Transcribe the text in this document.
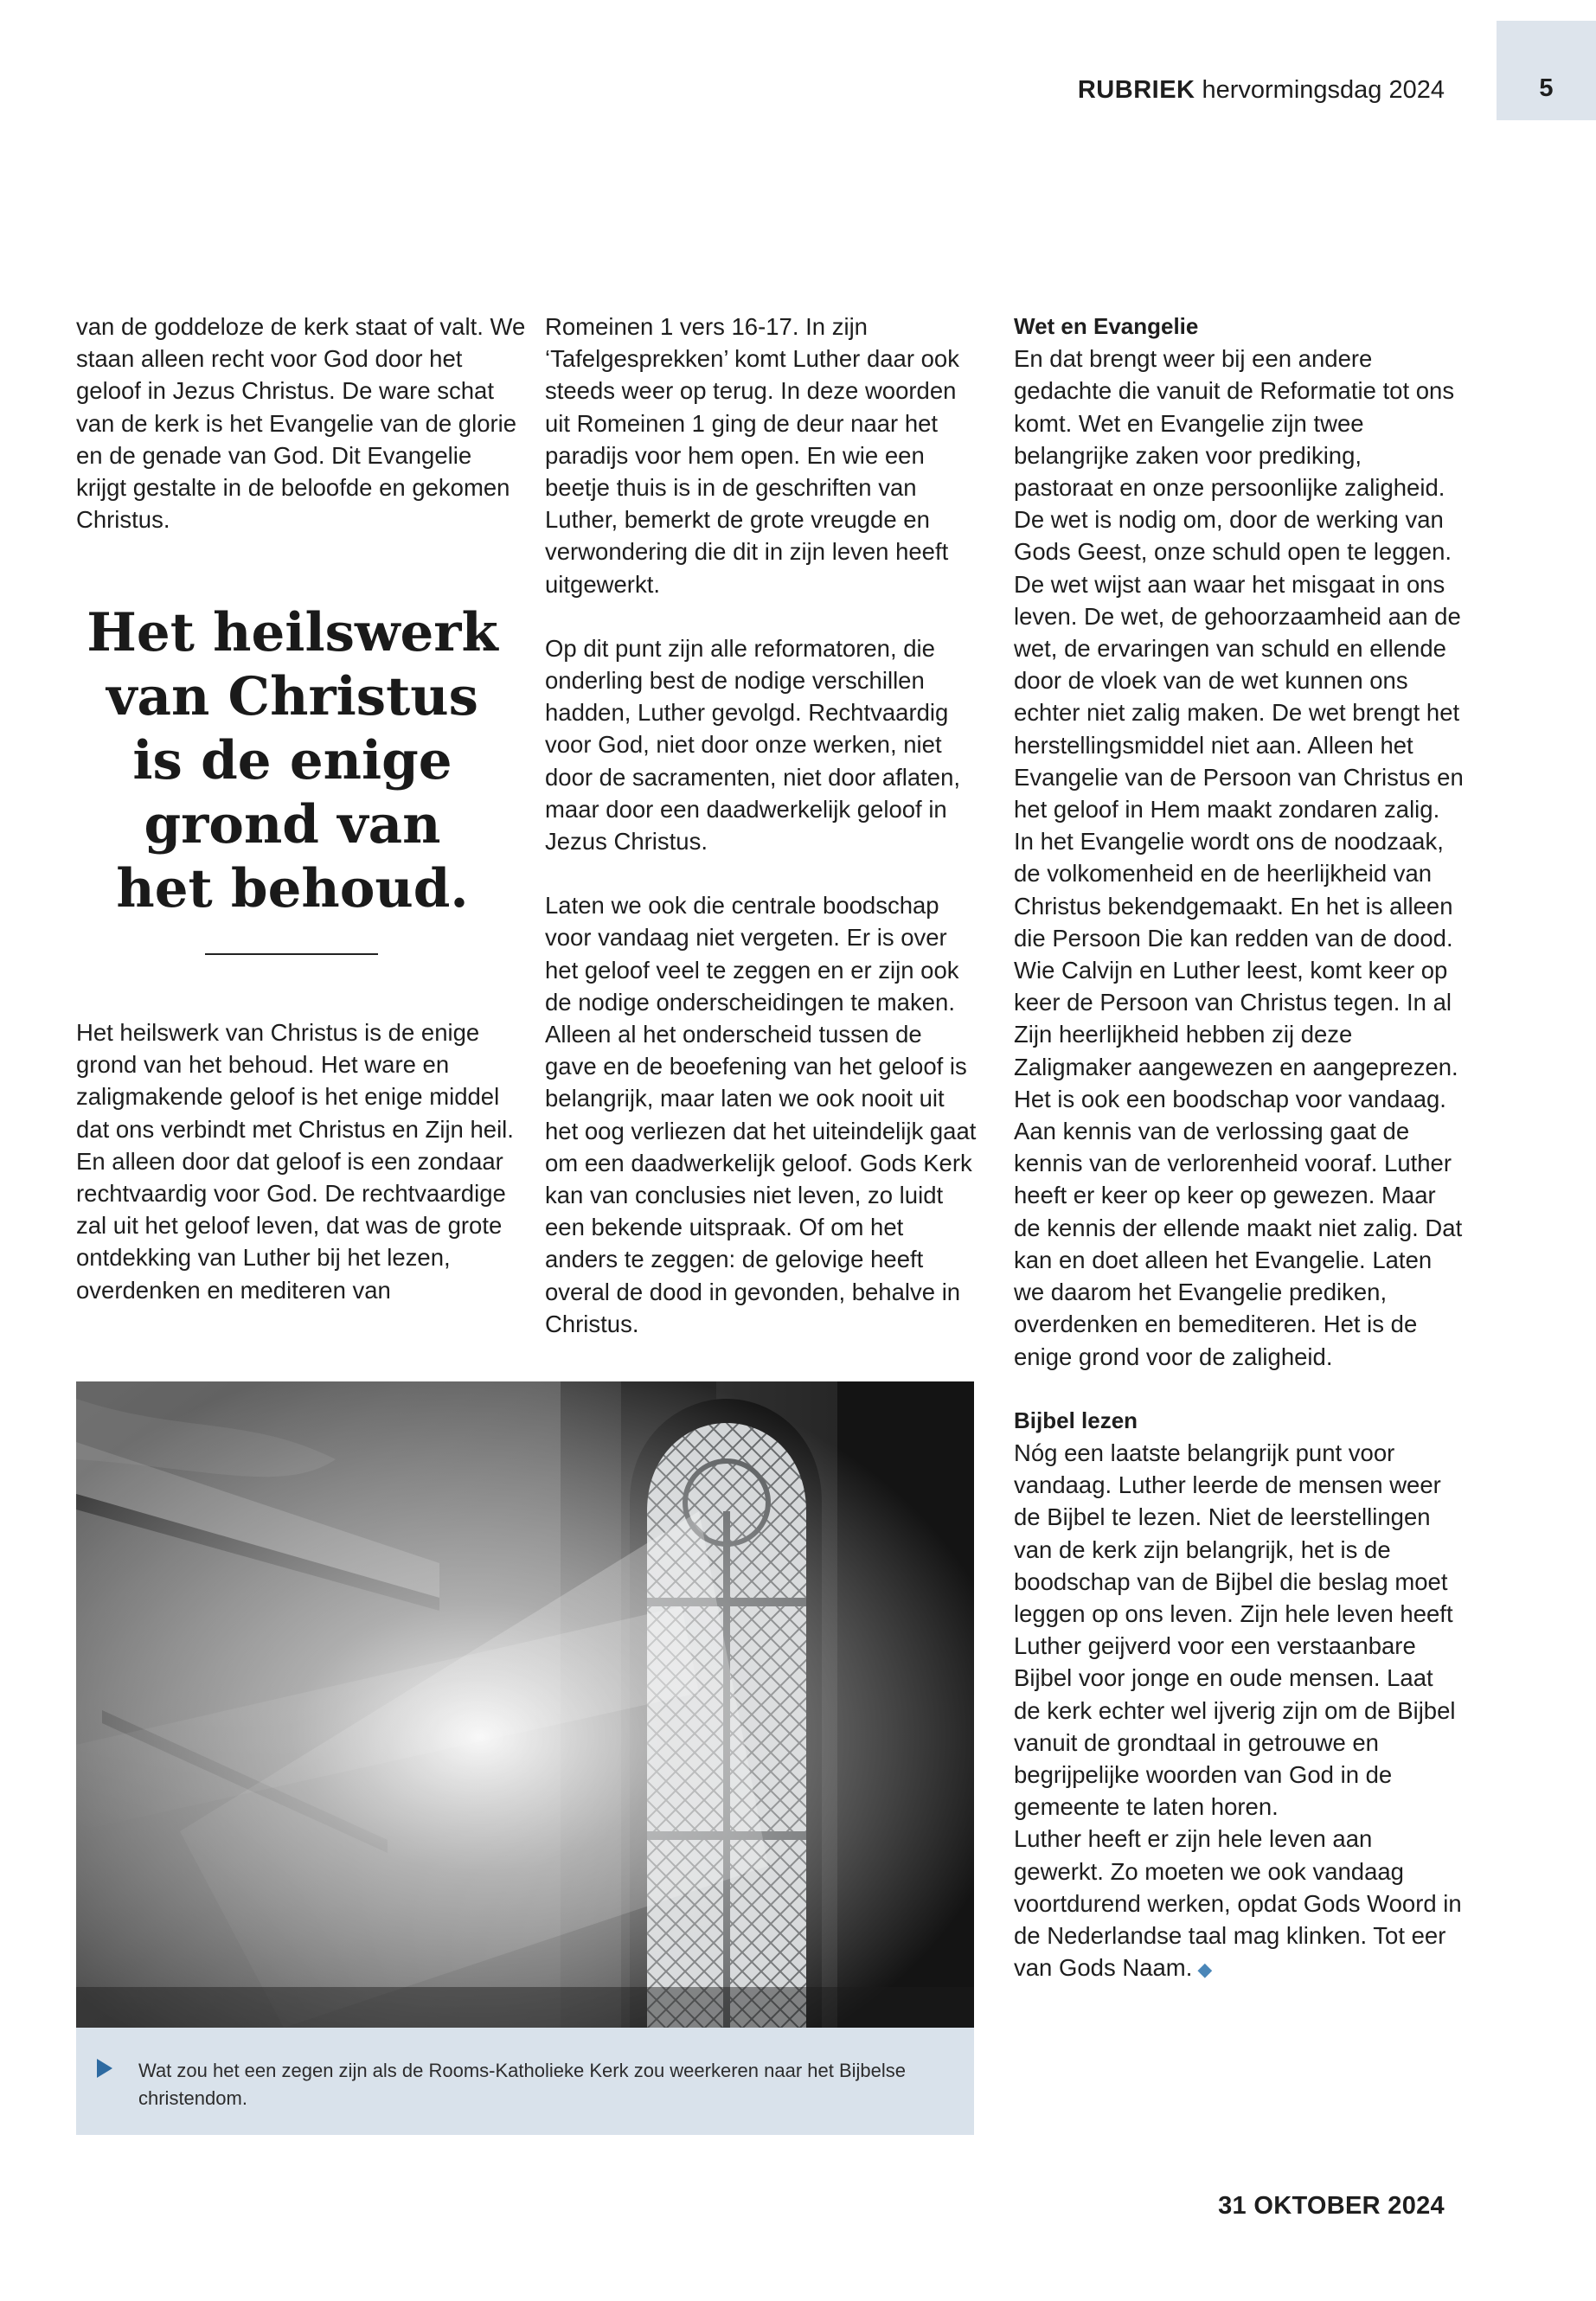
RUBRIEK hervormingsdag 2024	5

van de goddeloze de kerk staat of valt. We staan alleen recht voor God door het geloof in Jezus Christus. De ware schat van de kerk is het Evangelie van de glorie en de genade van God. Dit Evangelie krijgt gestalte in de beloofde en gekomen Christus.

Het heilswerk van Christus is de enige grond van het behoud. Het ware en zaligmakende geloof is het enige middel dat ons verbindt met Christus en Zijn heil. En alleen door dat geloof is een zondaar rechtvaardig voor God. De rechtvaardige zal uit het geloof leven, dat was de grote ontdekking van Luther bij het lezen, overdenken en mediteren van

Het heilswerk
van Christus
is de enige
grond van
het behoud.

Romeinen 1 vers 16-17. In zijn ‘Tafelgesprekken’ komt Luther daar ook steeds weer op terug. In deze woorden uit Romeinen 1 ging de deur naar het paradijs voor hem open. En wie een beetje thuis is in de geschriften van Luther, bemerkt de grote vreugde en verwondering die dit in zijn leven heeft uitgewerkt.

Op dit punt zijn alle reformatoren, die onderling best de nodige verschillen hadden, Luther gevolgd. Rechtvaardig voor God, niet door onze werken, niet door de sacramenten, niet door aflaten, maar door een daadwerkelijk geloof in Jezus Christus.

Laten we ook die centrale boodschap voor vandaag niet vergeten. Er is over het geloof veel te zeggen en er zijn ook de nodige onderscheidingen te maken. Alleen al het onderscheid tussen de gave en de beoefening van het geloof is belangrijk, maar laten we ook nooit uit het oog verliezen dat het uiteindelijk gaat om een daadwerkelijk geloof. Gods Kerk kan van conclusies niet leven, zo luidt een bekende uitspraak. Of om het anders te zeggen: de gelovige heeft overal de dood in gevonden, behalve in Christus.

Wet en Evangelie

En dat brengt weer bij een andere gedachte die vanuit de Reformatie tot ons komt. Wet en Evangelie zijn twee belangrijke zaken voor prediking, pastoraat en onze persoonlijke zaligheid. De wet is nodig om, door de werking van Gods Geest, onze schuld open te leggen. De wet wijst aan waar het misgaat in ons leven. De wet, de gehoorzaamheid aan de wet, de ervaringen van schuld en ellende door de vloek van de wet kunnen ons echter niet zalig maken. De wet brengt het herstellingsmiddel niet aan. Alleen het Evangelie van de Persoon van Christus en het geloof in Hem maakt zondaren zalig. In het Evangelie wordt ons de noodzaak, de volkomenheid en de heerlijkheid van Christus bekendgemaakt. En het is alleen die Persoon Die kan redden van de dood.

Wie Calvijn en Luther leest, komt keer op keer de Persoon van Christus tegen. In al Zijn heerlijkheid hebben zij deze Zaligmaker aangewezen en aangeprezen. Het is ook een boodschap voor vandaag. Aan kennis van de verlossing gaat de kennis van de verlorenheid vooraf. Luther heeft er keer op keer op gewezen. Maar de kennis der ellende maakt niet zalig. Dat kan en doet alleen het Evangelie. Laten we daarom het Evangelie prediken, overdenken en bemediteren. Het is de enige grond voor de zaligheid.

Bijbel lezen

Nóg een laatste belangrijk punt voor vandaag. Luther leerde de mensen weer de Bijbel te lezen. Niet de leerstellingen van de kerk zijn belangrijk, het is de boodschap van de Bijbel die beslag moet leggen op ons leven. Zijn hele leven heeft Luther geijverd voor een verstaanbare Bijbel voor jonge en oude mensen. Laat de kerk echter wel ijverig zijn om de Bijbel vanuit de grondtaal in getrouwe en begrijpelijke woorden van God in de gemeente te laten horen.

Luther heeft er zijn hele leven aan gewerkt. Zo moeten we ook vandaag voortdurend werken, opdat Gods Woord in de Nederlandse taal mag klinken. Tot eer van Gods Naam. ◆

Wat zou het een zegen zijn als de Rooms-Katholieke Kerk zou weerkeren naar het Bijbelse christendom.
31 OKTOBER 2024
